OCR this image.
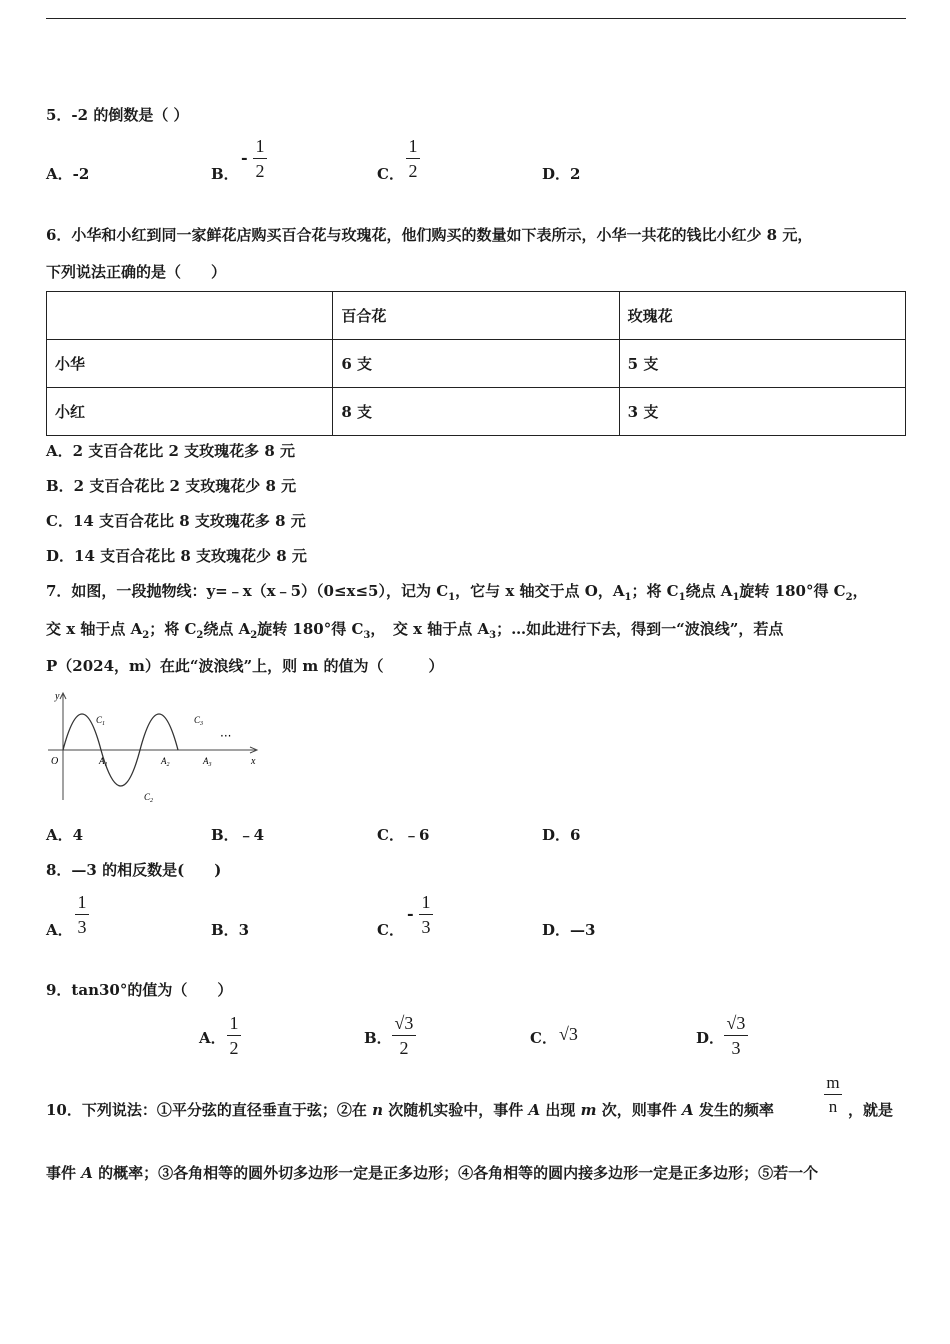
5．-2 的倒数是（ ）
A．-2	B．
-
1
2	C．
1
2	D．2
6．小华和小红到同一家鲜花店购买百合花与玫瑰花，他们购买的数量如下表所示，小华一共花的钱比小红少 8 元，
下列说法正确的是（　　）
	百合花	玫瑰花
小华	6 支	5 支
小红	8 支	3 支
A．2 支百合花比 2 支玫瑰花多 8 元
B．2 支百合花比 2 支玫瑰花少 8 元
C．14 支百合花比 8 支玫瑰花多 8 元
D．14 支百合花比 8 支玫瑰花少 8 元
7．如图，一段抛物线：y=﹣x（x﹣5）（0≤x≤5），记为 $C_1$，它与 x 轴交于点 O，$A_1$；将 $C_1$绕点 $A_1$旋转 180°得 $C_2$，
交 x 轴于点 $A_2$；将 $C_2$绕点 $A_2$旋转 180°得 $C_3$，　交 x 轴于点 $A_3$；…如此进行下去，得到一“波浪线”，若点
P（2024，m）在此“波浪线”上，则 m 的值为（　　　）
y
O	x
$A_1$	$A_2$	$A_3$
$C_1$
$C_2$
$C_3$
···
A．4	B．﹣4	C．﹣6	D．6
8．—3 的相反数是(　　)
A．
1
3	B．3	C．
-
1
3	D．—3
9．tan30°的值为（　　）
A．
1
2	B．
√3
2	C． √3	D．
√3
3
10．下列说法：①平分弦的直径垂直于弦；②在 n 次随机实验中，事件 A 出现 m 次，则事件 A 发生的频率
m
n ，就是
事件 A 的概率；③各角相等的圆外切多边形一定是正多边形；④各角相等的圆内接多边形一定是正多边形；⑤若一个
